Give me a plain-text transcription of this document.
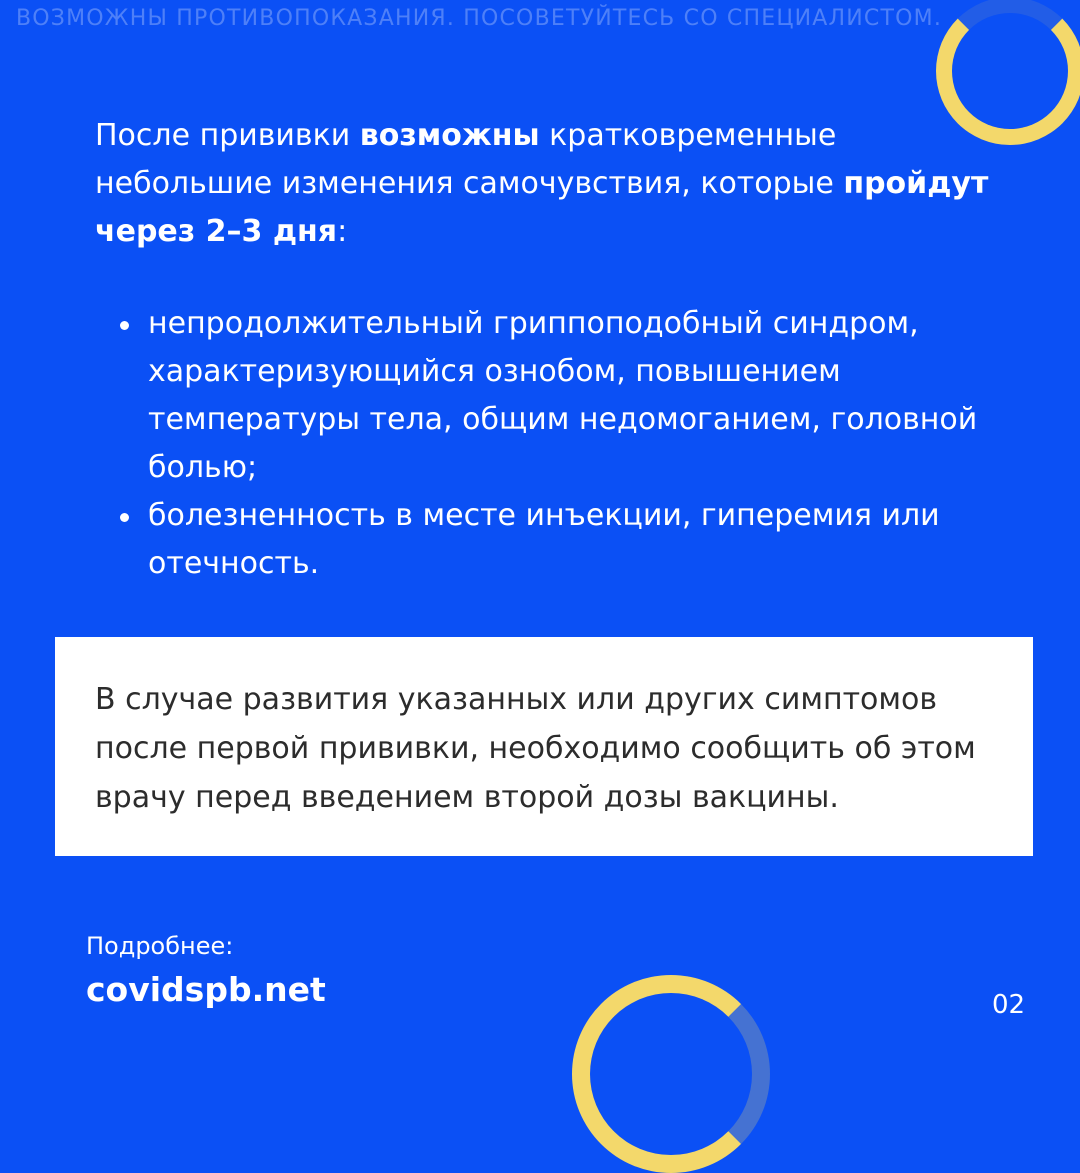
ВОЗМОЖНЫ ПРОТИВОПОКАЗАНИЯ. ПОСОВЕТУЙТЕСЬ СО СПЕЦИАЛИСТОМ.

После прививки возможны кратковременные небольшие изменения самочувствия, которые пройдут через 2–3 дня:

непродолжительный гриппоподобный синдром, характеризующийся ознобом, повышением температуры тела, общим недомоганием, головной болью;
болезненность в месте инъекции, гиперемия или отечность.
В случае развития указанных или других симптомов после первой прививки, необходимо сообщить об этом врачу перед введением второй дозы вакцины.
Подробнее:
covidspb.net	02
